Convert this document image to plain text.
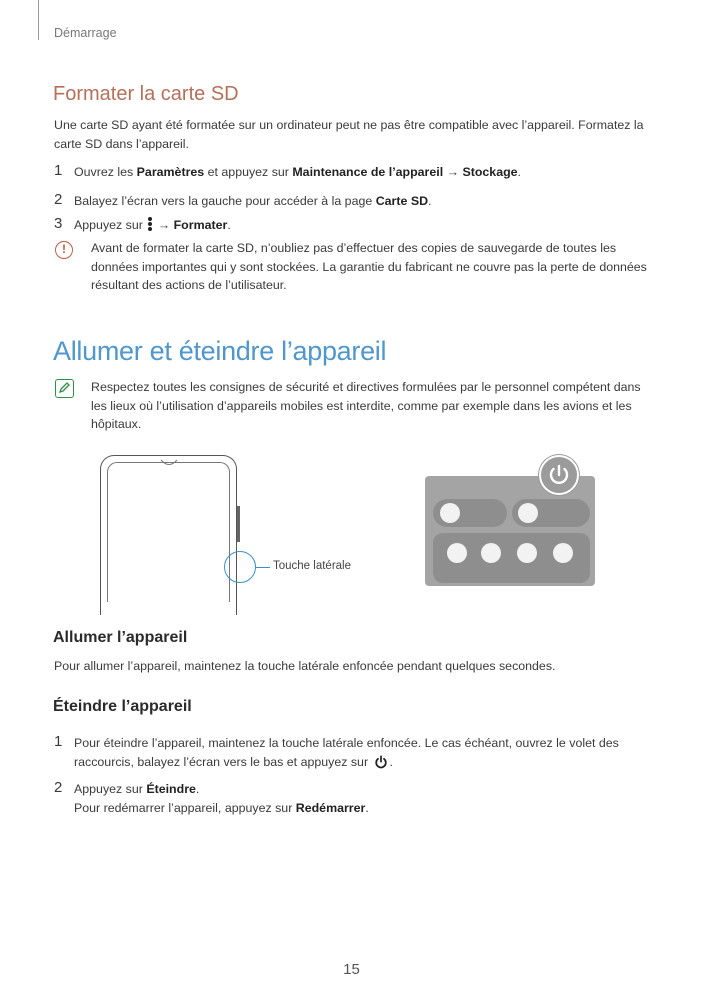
Démarrage
Formater la carte SD
Une carte SD ayant été formatée sur un ordinateur peut ne pas être compatible avec l’appareil. Formatez la carte SD dans l’appareil.
1 Ouvrez les Paramètres et appuyez sur Maintenance de l’appareil → Stockage.
2 Balayez l’écran vers la gauche pour accéder à la page Carte SD.
3 Appuyez sur
→ Formater.
!	Avant de formater la carte SD, n’oubliez pas d’effectuer des copies de sauvegarde de toutes les données importantes qui y sont stockées. La garantie du fabricant ne couvre pas la perte de données résultant des actions de l’utilisateur.
Allumer et éteindre l’appareil
Respectez toutes les consignes de sécurité et directives formulées par le personnel compétent dans les lieux où l’utilisation d’appareils mobiles est interdite, comme par exemple dans les avions et les hôpitaux.
Touche latérale
Allumer l’appareil
Pour allumer l’appareil, maintenez la touche latérale enfoncée pendant quelques secondes.
Éteindre l’appareil
1 Pour éteindre l’appareil, maintenez la touche latérale enfoncée. Le cas échéant, ouvrez le volet des
raccourcis, balayez l’écran vers le bas et appuyez sur .
2 Appuyez sur Éteindre.
Pour redémarrer l’appareil, appuyez sur Redémarrer.
15
